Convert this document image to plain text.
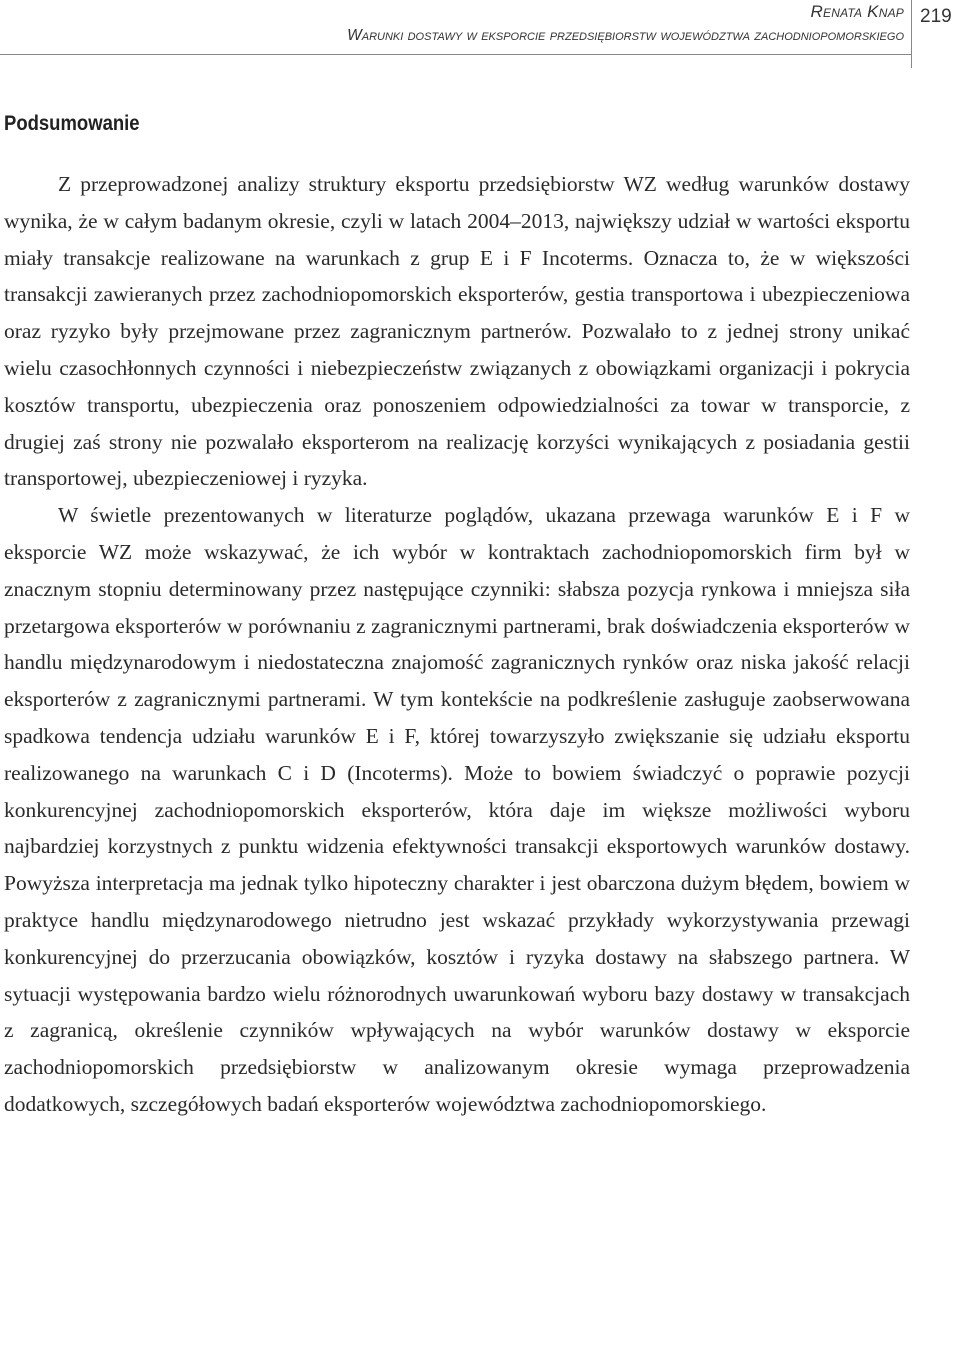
Renata Knap
Warunki dostawy w eksporcie przedsiębiorstw województwa zachodniopomorskiego
219
Podsumowanie

Z przeprowadzonej analizy struktury eksportu przedsiębiorstw WZ według warunków dostawy wynika, że w całym badanym okresie, czyli w latach 2004–2013, największy udział w wartości eksportu miały transakcje realizowane na warunkach z grup E i F Incoterms. Oznacza to, że w większości transakcji zawieranych przez zachodniopomorskich eksporterów, gestia transportowa i ubezpieczeniowa oraz ryzyko były przejmowane przez zagranicznym partnerów. Pozwalało to z jednej strony unikać wielu czasochłonnych czynności i niebezpieczeństw związanych z obowiązkami organizacji i pokrycia kosztów transportu, ubezpieczenia oraz ponoszeniem odpowiedzialności za towar w transporcie, z drugiej zaś strony nie pozwalało eksporterom na realizację korzyści wynikających z posiadania gestii transportowej, ubezpieczeniowej i ryzyka.

W świetle prezentowanych w literaturze poglądów, ukazana przewaga warunków E i F w eksporcie WZ może wskazywać, że ich wybór w kontraktach zachodniopomorskich firm był w znacznym stopniu determinowany przez następujące czynniki: słabsza pozycja rynkowa i mniejsza siła przetargowa eksporterów w porównaniu z zagranicznymi partnerami, brak doświadczenia eksporterów w handlu międzynarodowym i niedostateczna znajomość zagranicznych rynków oraz niska jakość relacji eksporterów z zagranicznymi partnerami. W tym kontekście na podkreślenie zasługuje zaobserwowana spadkowa tendencja udziału warunków E i F, której towarzyszyło zwiększanie się udziału eksportu realizowanego na warunkach C i D (Incoterms). Może to bowiem świadczyć o poprawie pozycji konkurencyjnej zachodniopomorskich eksporterów, która daje im większe możliwości wyboru najbardziej korzystnych z punktu widzenia efektywności transakcji eksportowych warunków dostawy. Powyższa interpretacja ma jednak tylko hipoteczny charakter i jest obarczona dużym błędem, bowiem w praktyce handlu międzynarodowego nietrudno jest wskazać przykłady wykorzystywania przewagi konkurencyjnej do przerzucania obowiązków, kosztów i ryzyka dostawy na słabszego partnera. W sytuacji występowania bardzo wielu różnorodnych uwarunkowań wyboru bazy dostawy w transakcjach z zagranicą, określenie czynników wpływających na wybór warunków dostawy w eksporcie zachodniopomorskich przedsiębiorstw w analizowanym okresie wymaga przeprowadzenia dodatkowych, szczegółowych badań eksporterów województwa zachodniopomorskiego.
